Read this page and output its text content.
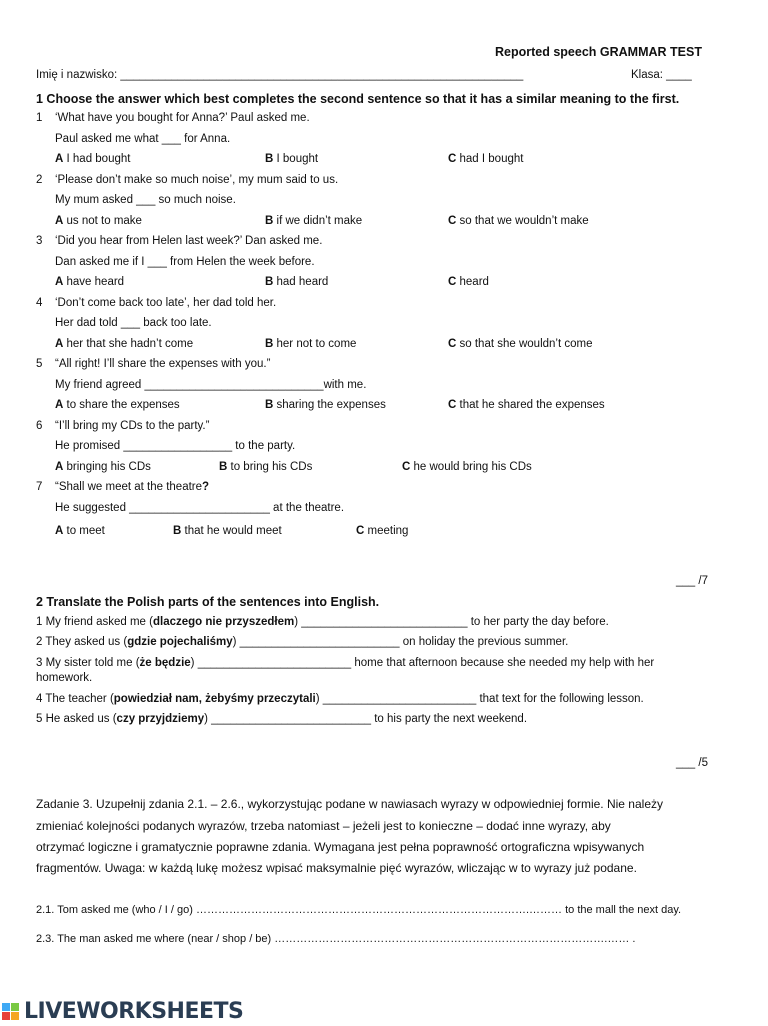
Reported speech GRAMMAR TEST
Imię i nazwisko: _______________________________________________________________	Klasa: ____
1 Choose the answer which best completes the second sentence so that it has a similar meaning to the first.
1 ‘What have you bought for Anna?’ Paul asked me.
Paul asked me what ___ for Anna.
A I had bought	B I bought	C had I bought
2 ‘Please don’t make so much noise’, my mum said to us.
My mum asked ___ so much noise.
A us not to make	B if we didn’t make	C so that we wouldn’t make
3 ‘Did you hear from Helen last week?’ Dan asked me.
Dan asked me if I ___ from Helen the week before.
A have heard	B had heard	C heard
4 ‘Don’t come back too late’, her dad told her.
Her dad told ___ back too late.
A her that she hadn’t come	B her not to come	C so that she wouldn’t come
5 “All right! I’ll share the expenses with you.”
My friend agreed ____________________________with me.
A to share the expenses	B sharing the expenses	C that he shared the expenses
6 “I’ll bring my CDs to the party.”
He promised _________________ to the party.
A bringing his CDs	B to bring his CDs	C he would bring his CDs
7 “Shall we meet at the theatre?
He suggested ______________________ at the theatre.
A to meet	B that he would meet	C meeting
___ /7
2 Translate the Polish parts of the sentences into English.
1 My friend asked me (dlaczego nie przyszedłem) __________________________ to her party the day before.
2 They asked us (gdzie pojechaliśmy) _________________________ on holiday the previous summer.
3 My sister told me (że będzie) ________________________ home that afternoon because she needed my help with her
homework.
4 The teacher (powiedział nam, żebyśmy przeczytali) ________________________ that text for the following lesson.
5 He asked us (czy przyjdziemy) _________________________ to his party the next weekend.
___ /5
Zadanie 3. Uzupełnij zdania 2.1. – 2.6., wykorzystując podane w nawiasach wyrazy w odpowiedniej formie. Nie należy
zmieniać kolejności podanych wyrazów, trzeba natomiast – jeżeli jest to konieczne – dodać inne wyrazy, aby
otrzymać logiczne i gramatycznie poprawne zdania. Wymagana jest pełna poprawność ortograficzna wpisywanych
fragmentów. Uwaga: w każdą lukę możesz wpisać maksymalnie pięć wyrazów, wliczając w to wyrazy już podane.
2.1. Tom asked me (who / I / go) ……………………………………………………………………………….……… to the mall the next day.
2.3. The man asked me where (near / shop / be) ……………………………………………………………………………….…… .
LIVEWORKSHEETS
